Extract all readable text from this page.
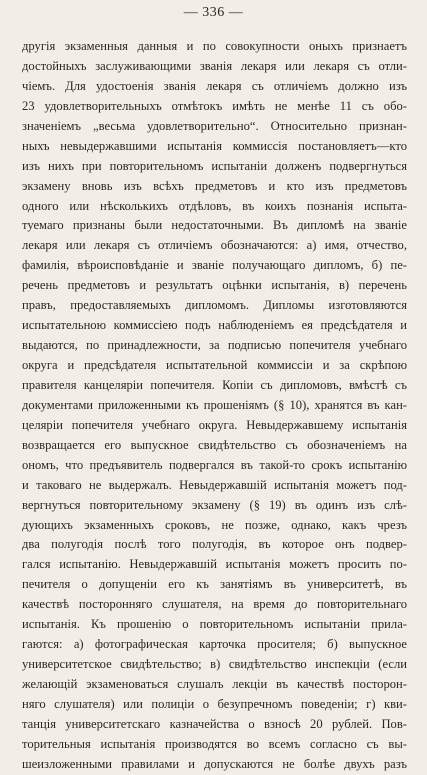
— 336 —
другія экзаменныя данныя и по совокупности оныхъ признаетъ
достойныхъ заслуживающими званія лекаря или лекаря съ отли-
чіемъ. Для удостоенія званія лекаря съ отличіемъ должно изъ
23 удовлетворительныхъ отмѣтокъ имѣть не менѣе 11 съ обо-
значеніемъ „весьма удовлетворительно“. Относительно признан-
ныхъ невыдержавшими испытанія коммиссія постановляетъ—кто
изъ нихъ при повторительномъ испытаніи долженъ подвергнуться
экзамену вновь изъ всѣхъ предметовъ и кто изъ предметовъ
одного или нѣсколькихъ отдѣловъ, въ коихъ познанія испыта-
туемаго признаны были недостаточными. Въ дипломѣ на званіе
лекаря или лекаря съ отличіемъ обозначаются: а) имя, отчество,
фамилія, вѣроисповѣданіе и званіе получающаго дипломъ, б) пе-
речень предметовъ и результатъ оцѣнки испытанія, в) перечень
правъ, предоставляемыхъ дипломомъ. Дипломы изготовляются
испытательною коммиссіею подъ наблюденіемъ ея предсѣдателя и
выдаются, по принадлежности, за подписью попечителя учебнаго
округа и предсѣдателя испытательной коммиссіи и за скрѣпою
правителя канцеляріи попечителя. Копіи съ дипломовъ, вмѣстѣ съ
документами приложенными къ прошеніямъ (§ 10), хранятся въ кан-
целяріи попечителя учебнаго округа. Невыдержавшему испытанія
возвращается его выпускное свидѣтельство съ обозначеніемъ на
ономъ, что предъявитель подвергался въ такой-то срокъ испытанію
и таковаго не выдержалъ. Невыдержавшій испытанія можетъ под-
вергнуться повторительному экзамену (§ 19) въ одинъ изъ слѣ-
дующихъ экзаменныхъ сроковъ, не позже, однако, какъ чрезъ
два полугодія послѣ того полугодія, въ которое онъ подвер-
гался испытанію. Невыдержавшій испытанія можетъ просить по-
печителя о допущеніи его къ занятіямъ въ университетѣ, въ
качествѣ посторонняго слушателя, на время до повторительнаго
испытанія. Къ прошенію о повторительномъ испытаніи прила-
гаются: а) фотографическая карточка просителя; б) выпускное
университетское свидѣтельство; в) свидѣтельство инспекціи (если
желающій экзаменоваться слушалъ лекціи въ качествѣ посторон-
няго слушателя) или полиціи о безупречномъ поведеніи; г) кви-
танція университетскаго казначейства о взносѣ 20 рублей. Пов-
торительныя испытанія производятся во всемъ согласно съ вы-
шеизложенными правилами и допускаются не болѣе двухъ разъ
